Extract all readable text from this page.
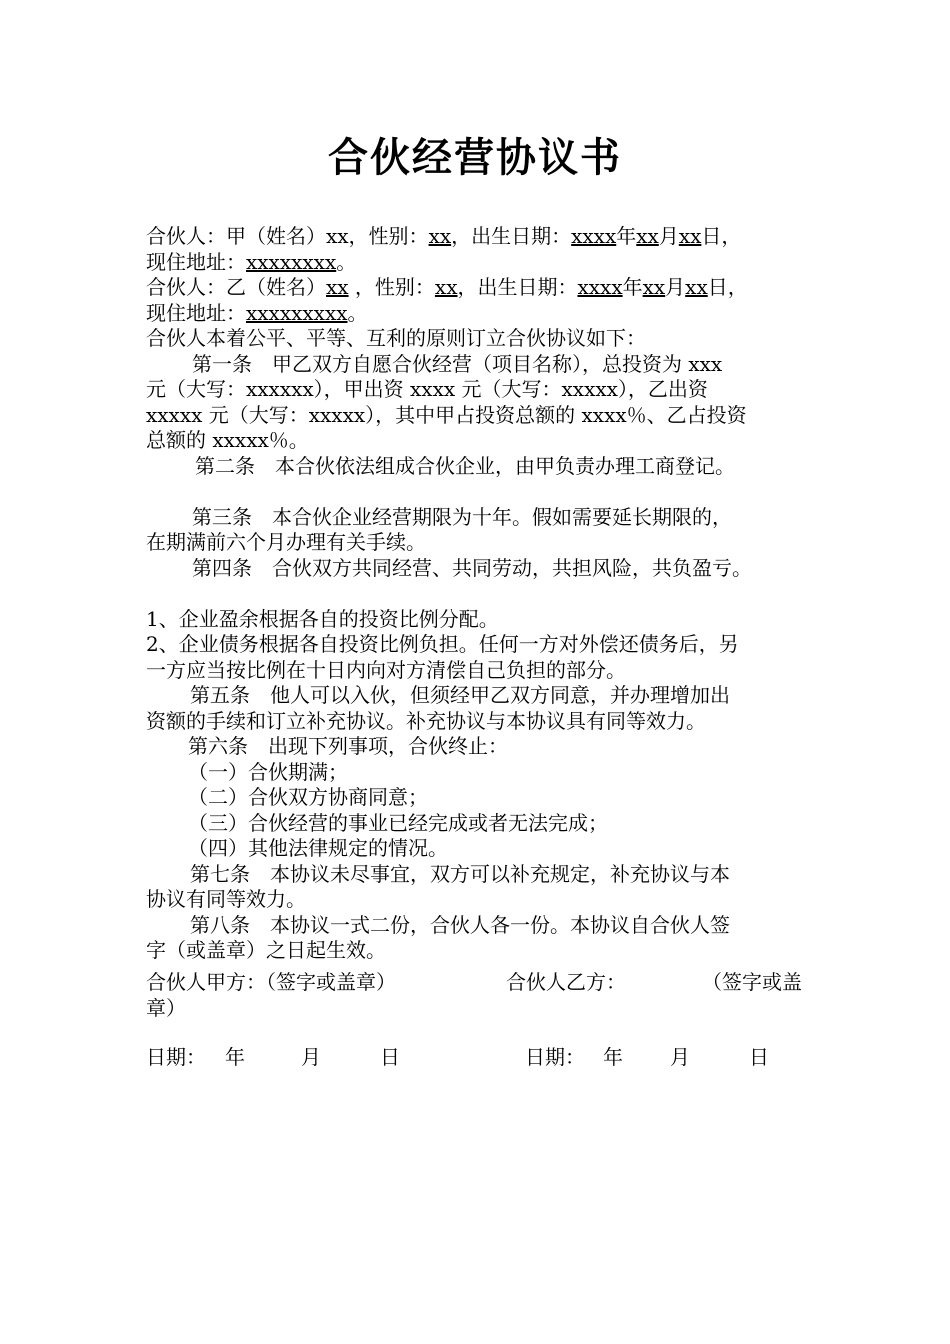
合伙经营协议书
合伙人：甲（姓名）xx，性别：xx，出生日期：xxxx年xx月xx日，
现住地址：xxxxxxxx。
合伙人：乙（姓名）xx ，性别：xx，出生日期：xxxx年xx月xx日，
现住地址：xxxxxxxxx。
合伙人本着公平、平等、互利的原则订立合伙协议如下：
第一条　甲乙双方自愿合伙经营（项目名称），总投资为 xxx
元（大写：xxxxxx），甲出资 xxxx 元（大写：xxxxx），乙出资
xxxxx 元（大写：xxxxx），其中甲占投资总额的 xxxx％、乙占投资
总额的 xxxxx％。
第二条　本合伙依法组成合伙企业，由甲负责办理工商登记。
第三条　本合伙企业经营期限为十年。假如需要延长期限的，
在期满前六个月办理有关手续。
第四条　合伙双方共同经营、共同劳动，共担风险，共负盈亏。
1、企业盈余根据各自的投资比例分配。
2、企业债务根据各自投资比例负担。任何一方对外偿还债务后，另
一方应当按比例在十日内向对方清偿自己负担的部分。
第五条　他人可以入伙，但须经甲乙双方同意，并办理增加出
资额的手续和订立补充协议。补充协议与本协议具有同等效力。
第六条　出现下列事项，合伙终止：
（一）合伙期满；
（二）合伙双方协商同意；
（三）合伙经营的事业已经完成或者无法完成；
（四）其他法律规定的情况。
第七条　本协议未尽事宜，双方可以补充规定，补充协议与本
协议有同等效力。
第八条　本协议一式二份，合伙人各一份。本协议自合伙人签
字（或盖章）之日起生效。
合伙人甲方：（签字或盖章）	合伙人乙方：	（签字或盖
章）
日期： 年	月	日	日期： 年 月	日
